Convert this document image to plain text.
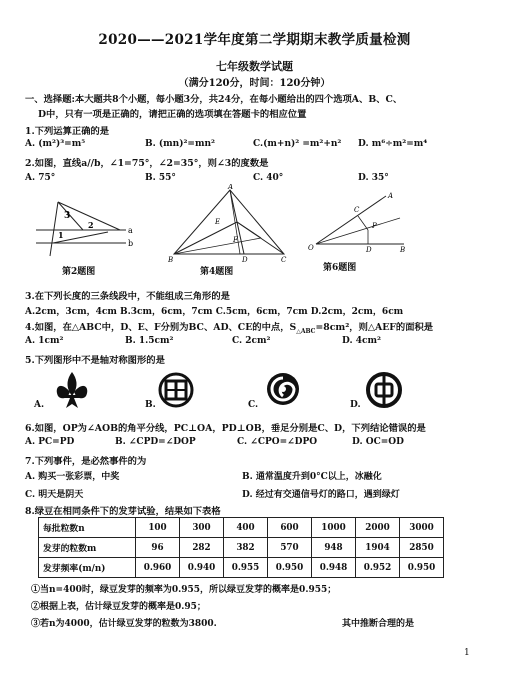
2020——2021学年度第二学期期末教学质量检测
七年级数学试题
（满分120分，时间：120分钟）
一、选择题:本大题共8个小题，每小题3分，共24分，在每小题给出的四个选项A、B、C、
D中，只有一项是正确的，请把正确的选项填在答题卡的相应位置
1.下列运算正确的是
A. (m²)³=m⁵	B. (mn)²=mn²	C.(m+n)² =m²+n² D. m⁶÷m²=m⁴
2.如图，直线a//b，∠1=75°，∠2=35°，则∠3的度数是
A. 75°	B. 55°	C. 40°	D. 35°
3
1
2
a
b
第2题图
A
E
F
B	C
D
第4题图
C
P
A
O	D	B
第6题图
3.在下列长度的三条线段中，不能组成三角形的是
A.2cm，3cm，4cm B.3cm，6cm，7cm C.5cm，6cm，7cm D.2cm，2cm，6cm
4.如图，在△ABC中，D、E、F分别为BC、AD、CE的中点，$S_{\triangle ABC}=8cm^2$，则△AEF的面积是
A. 1cm²	B. 1.5cm²	C. 2cm²	D. 4cm²
5.下列图形中不是轴对称图形的是
A.	B.	C.	D.
6.如图，OP为∠AOB的角平分线，PC⊥OA，PD⊥OB，垂足分别是C、D，下列结论错误的是
A. PC=PD	B. ∠CPD=∠DOP	C. ∠CPO=∠DPO	D. OC=OD
7.下列事件，是必然事件的为
A. 购买一张彩票，中奖	B. 通常温度升到0°C以上，冰融化
C. 明天是阴天	D. 经过有交通信号灯的路口，遇到绿灯
8.绿豆在相同条件下的发芽试验，结果如下表格
每批粒数n	100	300	400	600	1000	2000	3000
发芽的粒数m	96	282	382	570	948	1904	2850
发芽频率(m/n)	0.960	0.940	0.955	0.950	0.948	0.952	0.950
①当n=400时，绿豆发芽的频率为0.955，所以绿豆发芽的概率是0.955；
②根据上表，估计绿豆发芽的概率是0.95；
③若n为4000，估计绿豆发芽的粒数为3800.	其中推断合理的是
1
